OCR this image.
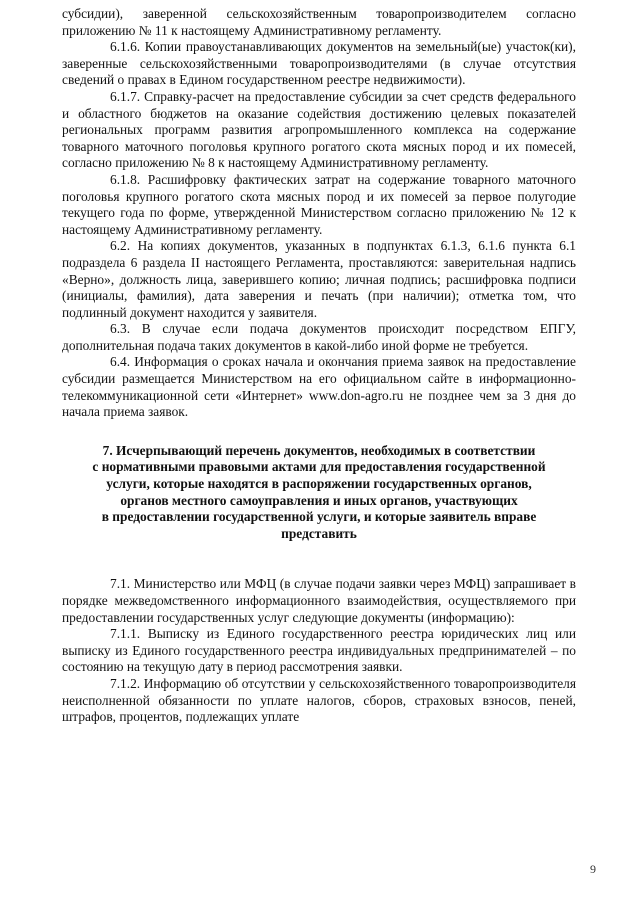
субсидии), заверенной сельскохозяйственным товаропроизводителем согласно приложению № 11 к настоящему Административному регламенту.

6.1.6. Копии правоустанавливающих документов на земельный(ые) участок(ки), заверенные сельскохозяйственными товаропроизводителями (в случае отсутствия сведений о правах в Едином государственном реестре недвижимости).

6.1.7. Справку-расчет на предоставление субсидии за счет средств федерального и областного бюджетов на оказание содействия достижению целевых показателей региональных программ развития агропромышленного комплекса на содержание товарного маточного поголовья крупного рогатого скота мясных пород и их помесей, согласно приложению № 8 к настоящему Административному регламенту.

6.1.8. Расшифровку фактических затрат на содержание товарного маточного поголовья крупного рогатого скота мясных пород и их помесей за первое полугодие текущего года по форме, утвержденной Министерством согласно приложению № 12 к настоящему Административному регламенту.

6.2. На копиях документов, указанных в подпунктах 6.1.3, 6.1.6 пункта 6.1 подраздела 6 раздела II настоящего Регламента, проставляются: заверительная надпись «Верно», должность лица, заверившего копию; личная подпись; расшифровка подписи (инициалы, фамилия), дата заверения и печать (при наличии); отметка том, что подлинный документ находится у заявителя.

6.3. В случае если подача документов происходит посредством ЕПГУ, дополнительная подача таких документов в какой-либо иной форме не требуется.

6.4. Информация о сроках начала и окончания приема заявок на предоставление субсидии размещается Министерством на его официальном сайте в информационно-телекоммуникационной сети «Интернет» www.don-agro.ru не позднее чем за 3 дня до начала приема заявок.

7. Исчерпывающий перечень документов, необходимых в соответствии
с нормативными правовыми актами для предоставления государственной
услуги, которые находятся в распоряжении государственных органов,
органов местного самоуправления и иных органов, участвующих
в предоставлении государственной услуги, и которые заявитель вправе
представить

7.1. Министерство или МФЦ (в случае подачи заявки через МФЦ) запрашивает в порядке межведомственного информационного взаимодействия, осуществляемого при предоставлении государственных услуг следующие документы (информацию):

7.1.1. Выписку из Единого государственного реестра юридических лиц или выписку из Единого государственного реестра индивидуальных предпринимателей – по состоянию на текущую дату в период рассмотрения заявки.

7.1.2. Информацию об отсутствии у сельскохозяйственного товаропроизводителя неисполненной обязанности по уплате налогов, сборов, страховых взносов, пеней, штрафов, процентов, подлежащих уплате

9
